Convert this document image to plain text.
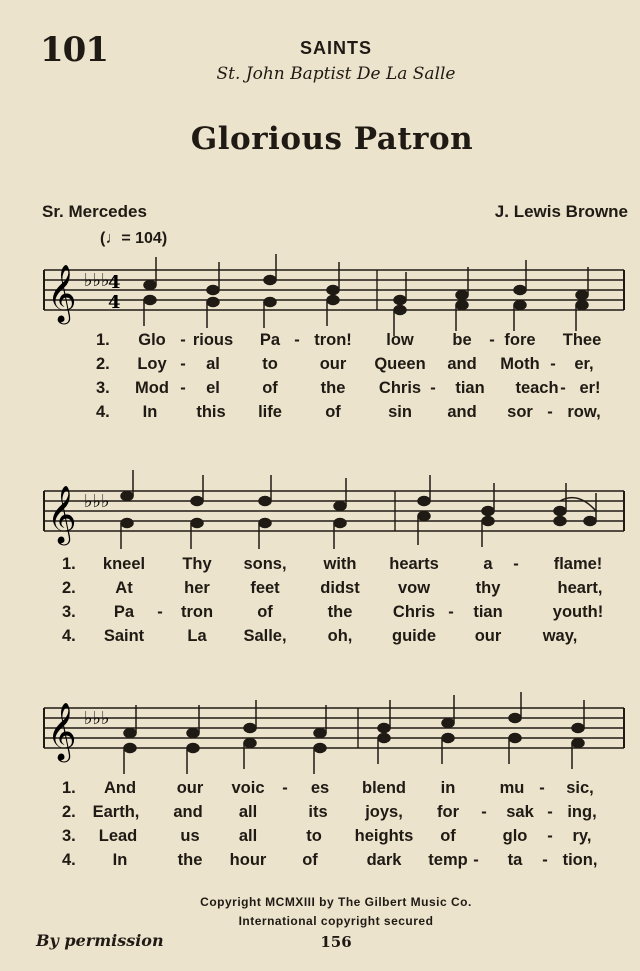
101	SAINTS
St. John Baptist De La Salle
Glorious Patron
Sr. Mercedes	J. Lewis Browne
(♩= 104)
𝄞 ♭♭♭
4
4
1. Glo - rious Pa - tron! low be - fore Thee
2. Loy - al	to	our Queen and Moth - er,
3. Mod - el	of	the Chris - tian teach - er!
4. In this life	of	sin and sor - row,
𝄞 ♭♭♭
1. kneel Thy sons, with hearts	a - flame!
2. At	her feet didst vow	thy	heart,
3. Pa - tron	of	the Chris - tian	youth!
4. Saint	La Salle, oh, guide our	way,
𝄞 ♭♭♭
1. And our voic - es blend in	mu - sic,
2. Earth, and all	its joys, for - sak - ing,
3. Lead	us all	to heights of	glo - ry,
4. In	the hour of	dark temp - ta - tion,
Copyright MCMXIII by The Gilbert Music Co.
International copyright secured
By permission	156
